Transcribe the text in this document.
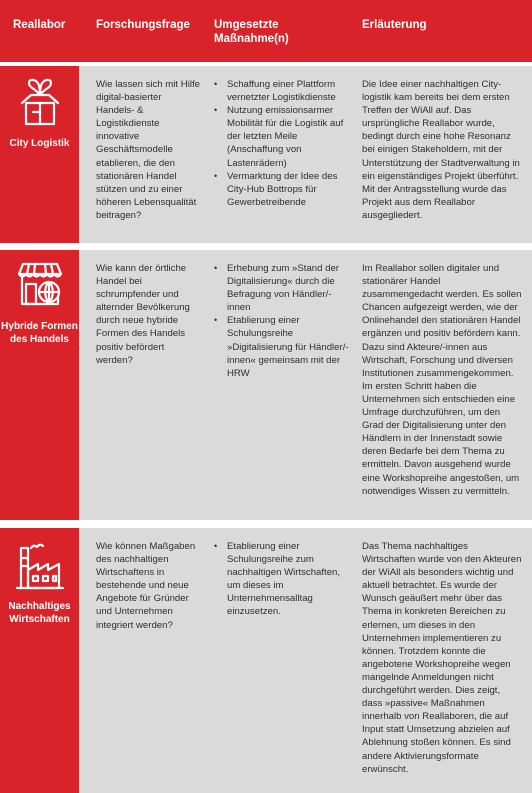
Reallabor	Forschungsfrage Umgesetzte Maßnahme(n)
Erläuterung
City Logistik
Wie lassen sich mit Hilfe digital-basierter Handels- & Logistikdienste innovative Geschäftsmodelle etablieren, die den stationären Handel stützen und zu einer höheren Lebensqualität beitragen?
• Schaffung einer Plattform vernetzter Logistikdienste
• Nutzung emissionsarmer Mobilität für die Logistik auf der letzten Meile (Anschaffung von Lastenrädern)
• Vermarktung der Idee des City-Hub Bottrops für Gewerbetreibende
Die Idee einer nachhaltigen City-logistik kam bereits bei dem ersten Treffen der WiAll auf. Das ursprüngliche Reallabor wurde, bedingt durch eine hohe Resonanz bei einigen Stakeholdern, mit der Unterstützung der Stadtverwaltung in ein eigenständiges Projekt überführt. Mit der Antragsstellung wurde das Projekt aus dem Reallabor ausgegliedert.
Hybride Formen des Handels
Wie kann der örtliche Handel bei schrumpfender und alternder Bevölkerung durch neue hybride Formen des Handels positiv befördert werden?
• Erhebung zum »Stand der Digitalisierung« durch die Befragung von Händler/-innen
• Etablierung einer Schulungsreihe »Digitalisierung für Händler/-innen« gemeinsam mit der HRW
Im Reallabor sollen digitaler und stationärer Handel zusammengedacht werden. Es sollen Chancen aufgezeigt werden, wie der Onlinehandel den stationären Handel ergänzen und positiv befördern kann. Dazu sind Akteure/-innen aus Wirtschaft, Forschung und diversen Institutionen zusammengekommen. Im ersten Schritt haben die Unternehmen sich entschieden eine Umfrage durchzuführen, um den Grad der Digitalisierung unter den Händlern in der Innenstadt sowie deren Bedarfe bei dem Thema zu ermitteln. Davon ausgehend wurde eine Workshopreihe angestoßen, um notwendiges Wissen zu vermitteln.
Nachhaltiges Wirtschaften
Wie können Maßgaben des nachhaltigen Wirtschaftens in bestehende und neue Angebote für Gründer und Unternehmen integriert werden?
• Etablierung einer Schulungsreihe zum nachhaltigen Wirtschaften, um dieses im Unternehmensalltag einzusetzen.
Das Thema nachhaltiges Wirtschaften wurde von den Akteuren der WiAll als besonders wichtig und aktuell betrachtet. Es wurde der Wunsch geäußert mehr über das Thema in konkreten Bereichen zu erlernen, um dieses in den Unternehmen implementieren zu können. Trotzdem konnte die angebotene Workshopreihe wegen mangelnde Anmeldungen nicht durchgeführt werden. Dies zeigt, dass »passive« Maßnahmen innerhalb von Reallaboren, die auf Input statt Umsetzung abzielen auf Ablehnung stoßen können. Es sind andere Aktivierungsformate erwünscht.
